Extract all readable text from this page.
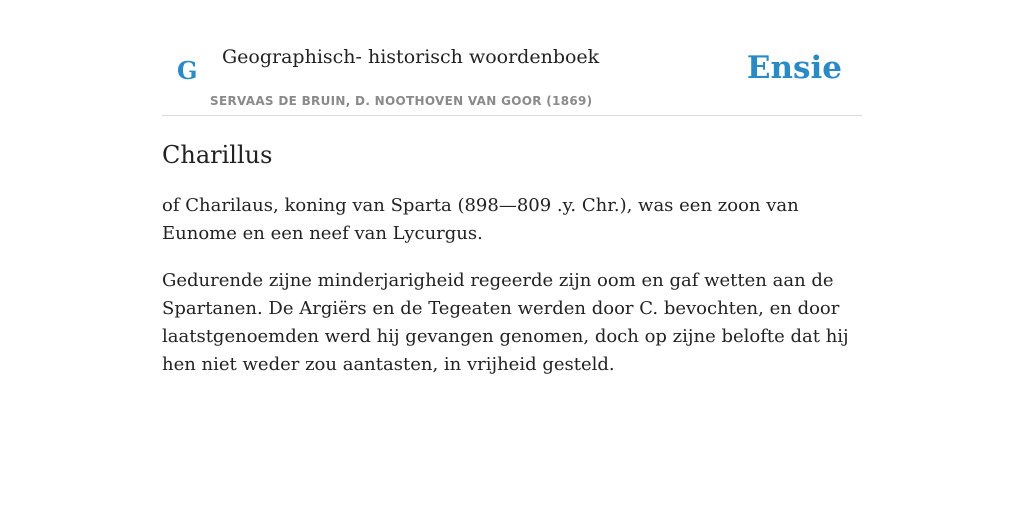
G Geographisch- historisch woordenboek
SERVAAS DE BRUIN, D. NOOTHOVEN VAN GOOR (1869)
Ensie
Charillus

of Charilaus, koning van Sparta (898—809 .y. Chr.), was een zoon van Eunome en een neef van Lycurgus.

Gedurende zijne minderjarigheid regeerde zijn oom en gaf wetten aan de Spartanen. De Argiërs en de Tegeaten werden door C. bevochten, en door laatstgenoemden werd hij gevangen genomen, doch op zijne belofte dat hij hen niet weder zou aantasten, in vrijheid gesteld.
